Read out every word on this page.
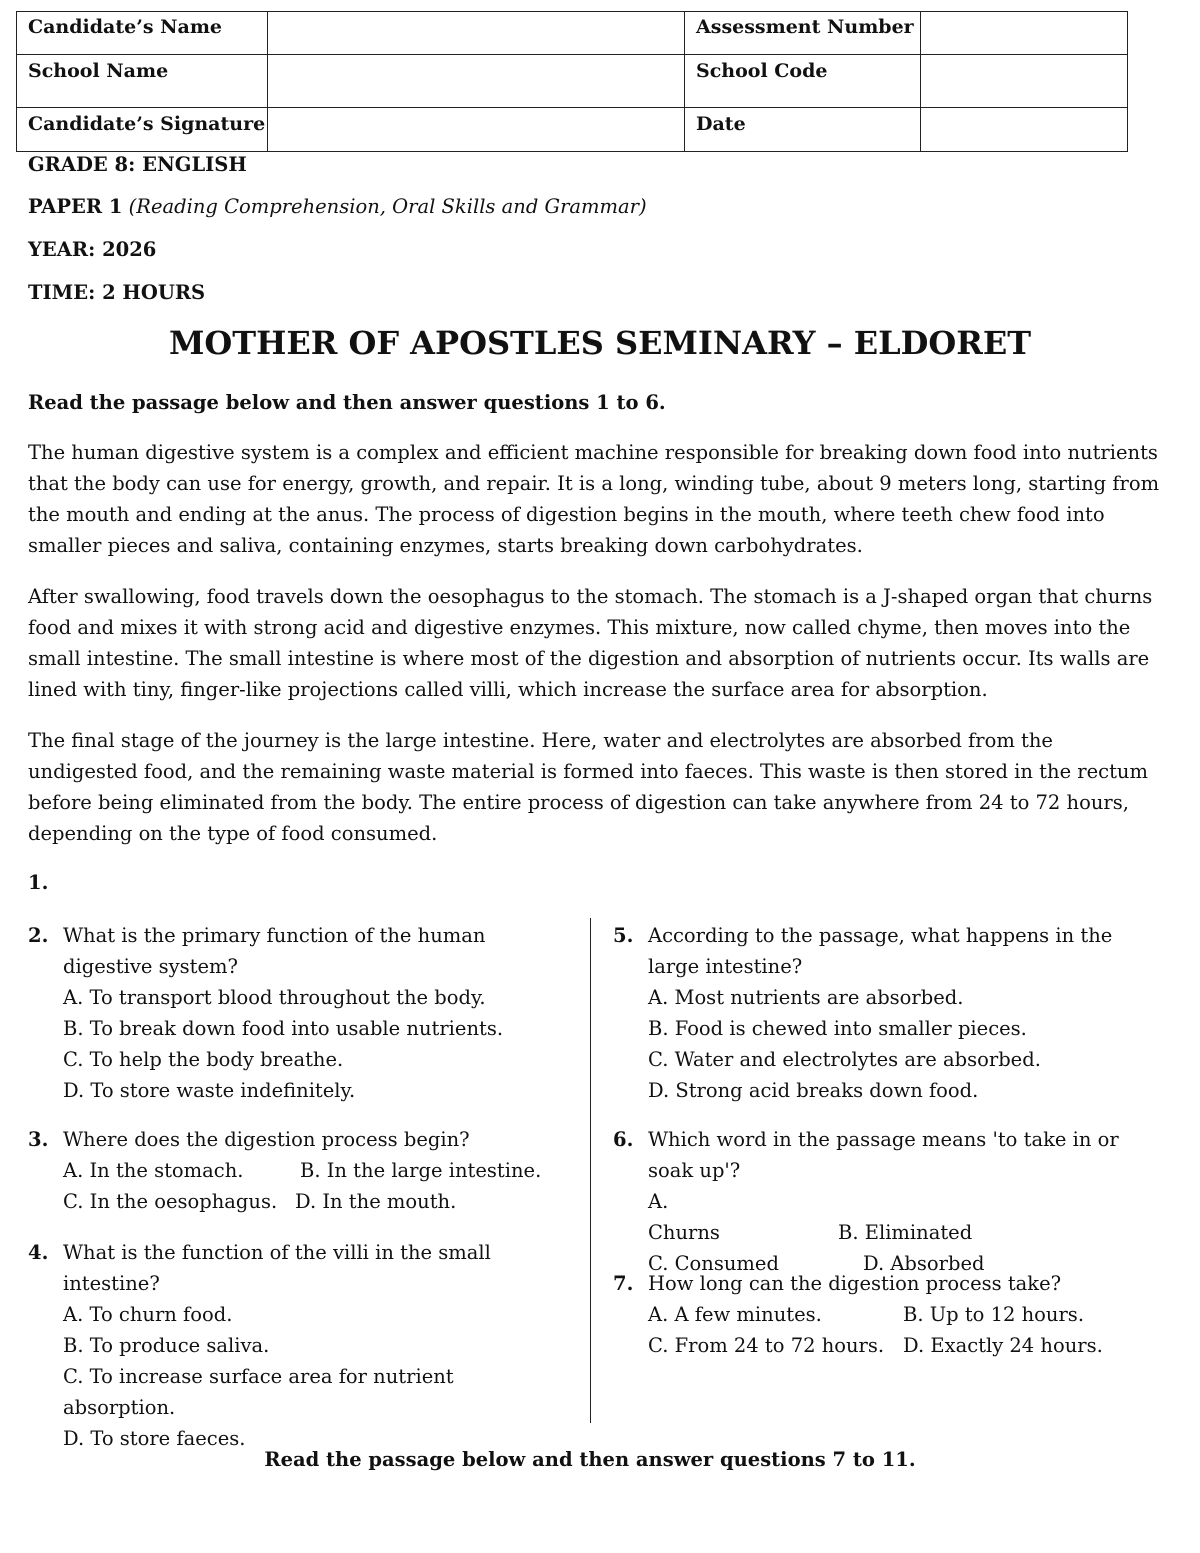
Candidate’s Name		Assessment Number	
School Name		School Code	
Candidate’s Signature		Date	

GRADE 8: ENGLISH

PAPER 1 (Reading Comprehension, Oral Skills and Grammar)

YEAR: 2026

TIME: 2 HOURS

MOTHER OF APOSTLES SEMINARY – ELDORET

Read the passage below and then answer questions 1 to 6.

The human digestive system is a complex and efficient machine responsible for breaking down food into nutrients that the body can use for energy, growth, and repair. It is a long, winding tube, about 9 meters long, starting from the mouth and ending at the anus. The process of digestion begins in the mouth, where teeth chew food into smaller pieces and saliva, containing enzymes, starts breaking down carbohydrates.

After swallowing, food travels down the oesophagus to the stomach. The stomach is a J-shaped organ that churns food and mixes it with strong acid and digestive enzymes. This mixture, now called chyme, then moves into the small intestine. The small intestine is where most of the digestion and absorption of nutrients occur. Its walls are lined with tiny, finger-like projections called villi, which increase the surface area for absorption.

The final stage of the journey is the large intestine. Here, water and electrolytes are absorbed from the undigested food, and the remaining waste material is formed into faeces. This waste is then stored in the rectum before being eliminated from the body. The entire process of digestion can take anywhere from 24 to 72 hours, depending on the type of food consumed.

1.

2. What is the primary function of the human digestive system?
A. To transport blood throughout the body.
B. To break down food into usable nutrients.
C. To help the body breathe.
D. To store waste indefinitely.
3. Where does the digestion process begin?
A. In the stomach.	B. In the large intestine.
C. In the oesophagus. D. In the mouth.
4. What is the function of the villi in the small intestine?
A. To churn food.
B. To produce saliva.
C. To increase surface area for nutrient absorption.
D. To store faeces.
5. According to the passage, what happens in the large intestine?
A. Most nutrients are absorbed.
B. Food is chewed into smaller pieces.
C. Water and electrolytes are absorbed.
D. Strong acid breaks down food.
6. Which word in the passage means 'to take in or soak up'?A.
Churns	B. Eliminated
C. Consumed	D. Absorbed
7. How long can the digestion process take?
A. A few minutes.	B. Up to 12 hours.
C. From 24 to 72 hours. D. Exactly 24 hours.

Read the passage below and then answer questions 7 to 11.
